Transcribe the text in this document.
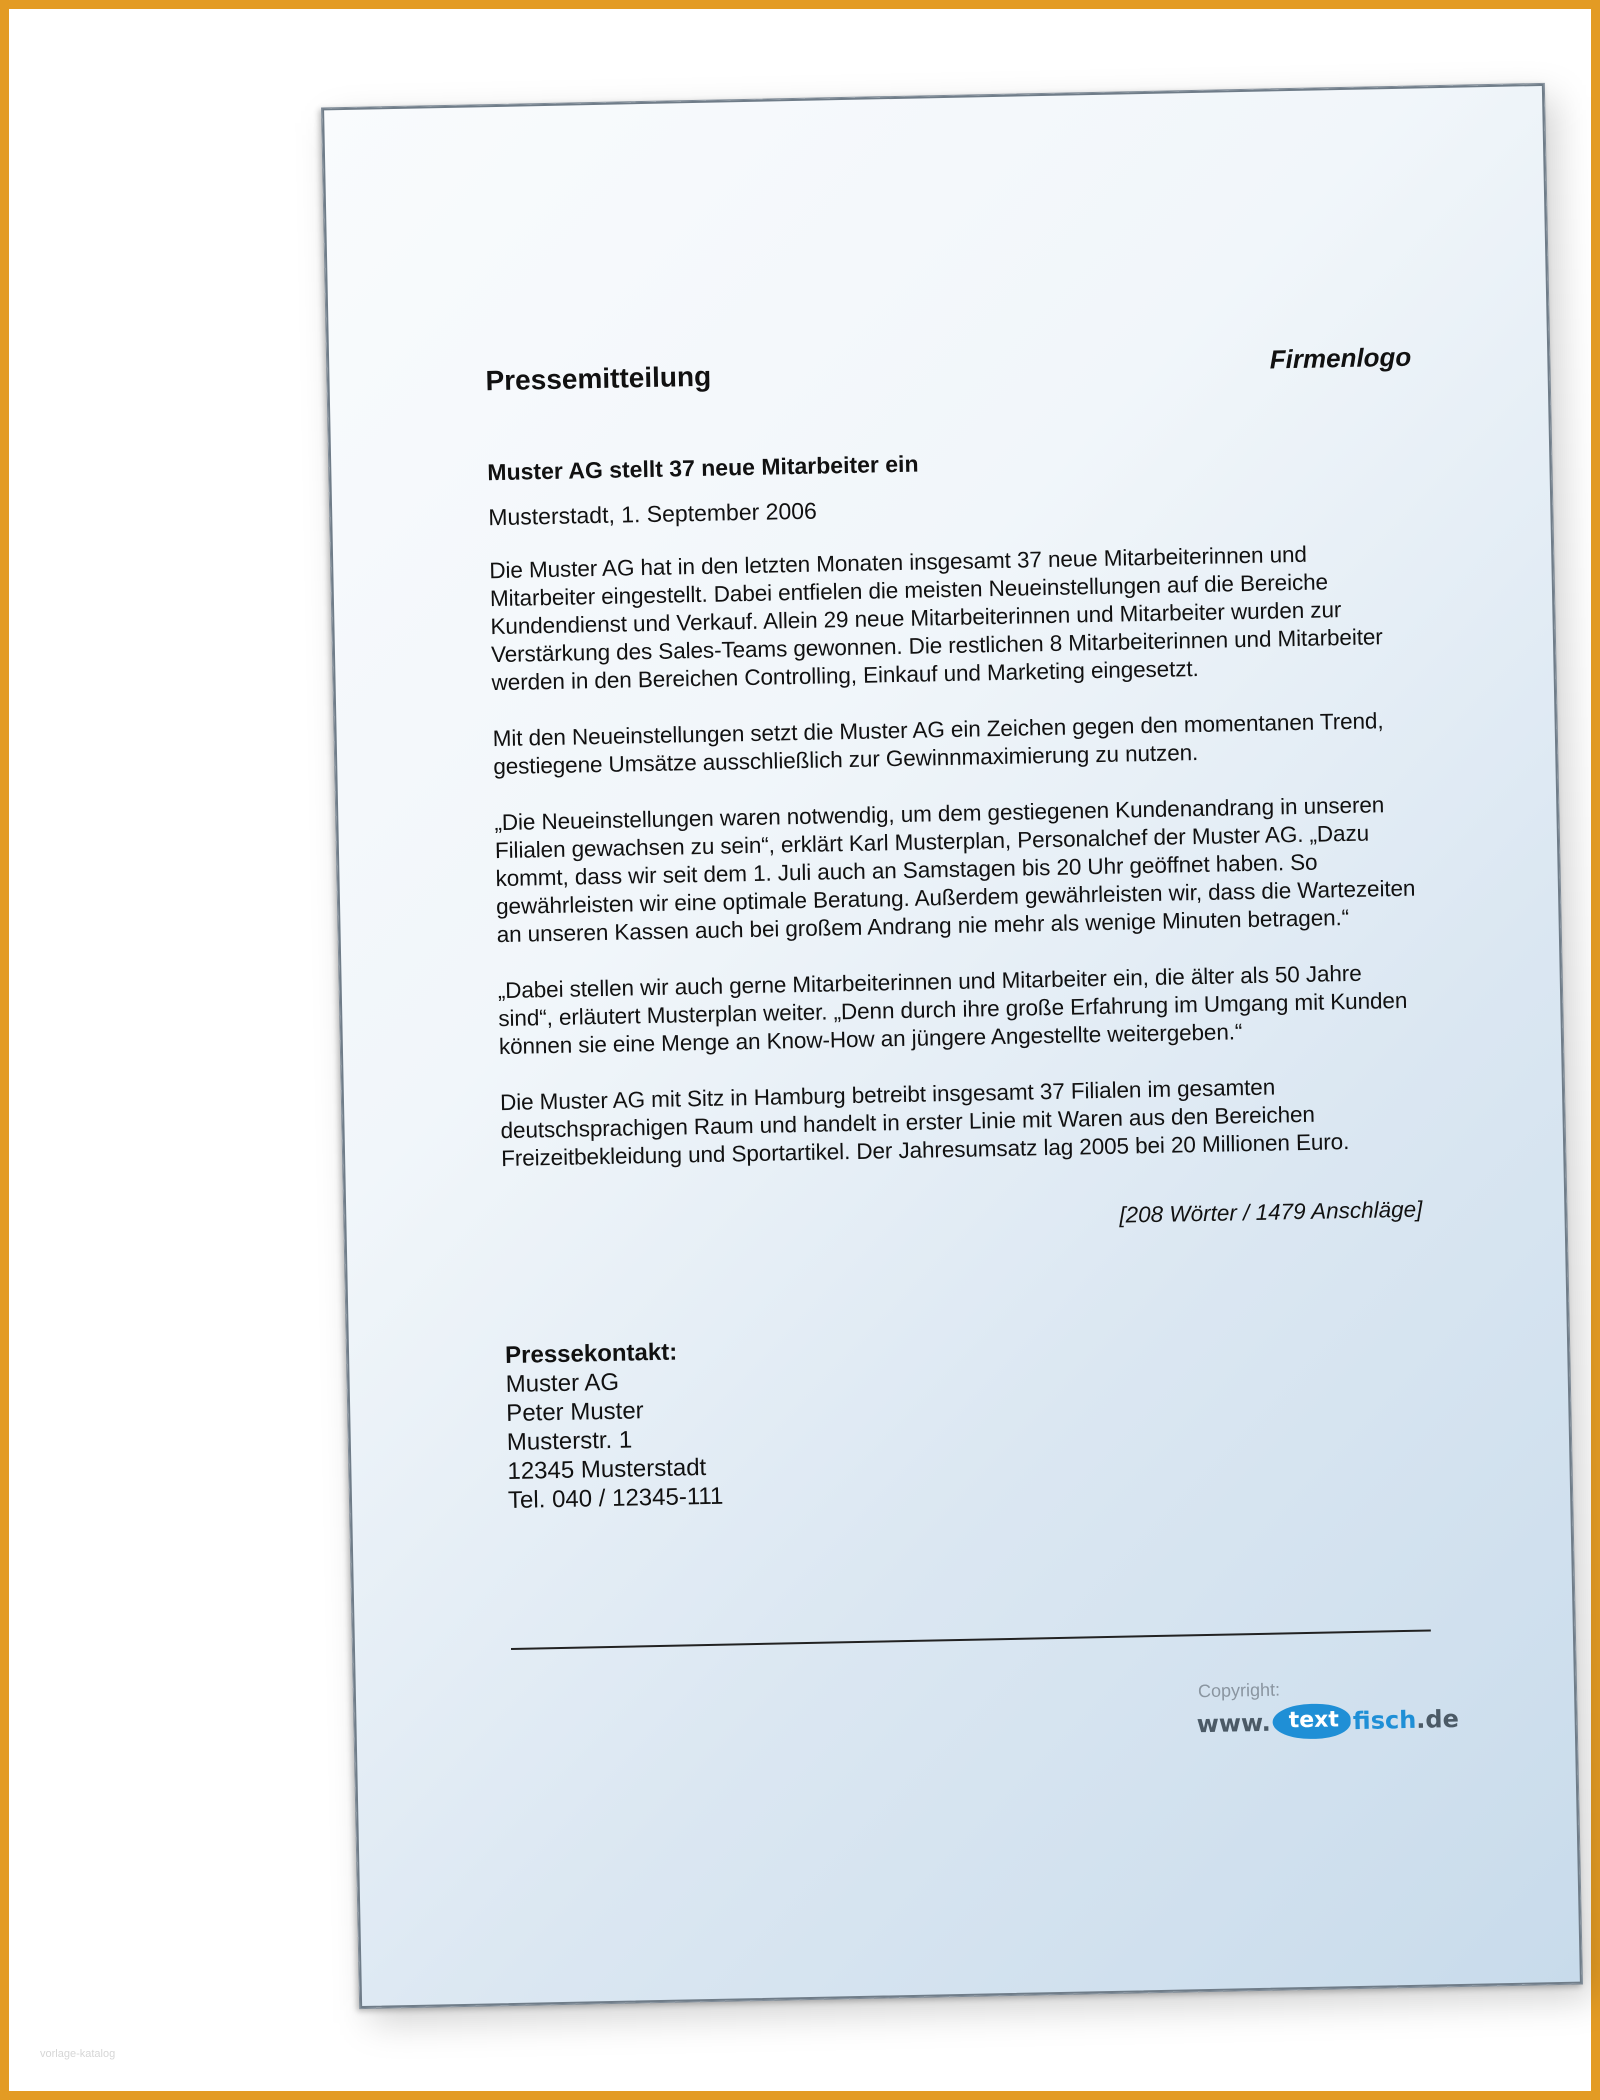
Firmenlogo
Pressemitteilung
Muster AG stellt 37 neue Mitarbeiter ein
Musterstadt, 1. September 2006

Die Muster AG hat in den letzten Monaten insgesamt 37 neue Mitarbeiterinnen und Mitarbeiter eingestellt. Dabei entfielen die meisten Neueinstellungen auf die Bereiche Kundendienst und Verkauf. Allein 29 neue Mitarbeiterinnen und Mitarbeiter wurden zur Verstärkung des Sales-Teams gewonnen. Die restlichen 8 Mitarbeiterinnen und Mitarbeiter werden in den Bereichen Controlling, Einkauf und Marketing eingesetzt.

Mit den Neueinstellungen setzt die Muster AG ein Zeichen gegen den momentanen Trend, gestiegene Umsätze ausschließlich zur Gewinnmaximierung zu nutzen.

„Die Neueinstellungen waren notwendig, um dem gestiegenen Kundenandrang in unseren Filialen gewachsen zu sein“, erklärt Karl Musterplan, Personalchef der Muster AG. „Dazu kommt, dass wir seit dem 1. Juli auch an Samstagen bis 20 Uhr geöffnet haben. So gewährleisten wir eine optimale Beratung. Außerdem gewährleisten wir, dass die Wartezeiten an unseren Kassen auch bei großem Andrang nie mehr als wenige Minuten betragen.“

„Dabei stellen wir auch gerne Mitarbeiterinnen und Mitarbeiter ein, die älter als 50 Jahre sind“, erläutert Musterplan weiter. „Denn durch ihre große Erfahrung im Umgang mit Kunden können sie eine Menge an Know-How an jüngere Angestellte weitergeben.“

Die Muster AG mit Sitz in Hamburg betreibt insgesamt 37 Filialen im gesamten deutschsprachigen Raum und handelt in erster Linie mit Waren aus den Bereichen Freizeitbekleidung und Sportartikel. Der Jahresumsatz lag 2005 bei 20 Millionen Euro.

[208 Wörter / 1479 Anschläge]
Pressekontakt:
Muster AG
Peter Muster
Musterstr. 1
12345 Musterstadt
Tel. 040 / 12345-111
Copyright:
www. text fisch .de
vorlage-katalog
